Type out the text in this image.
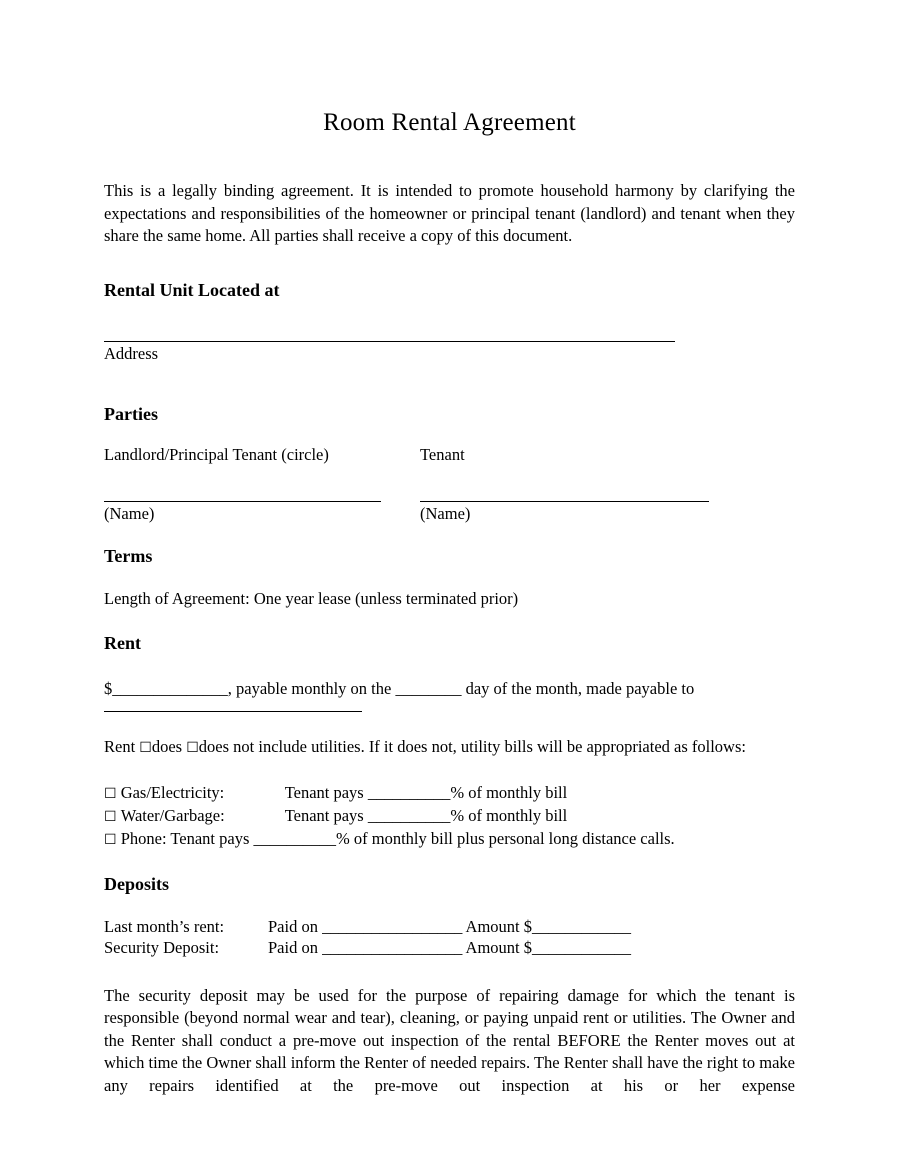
Room Rental Agreement

This is a legally binding agreement. It is intended to promote household harmony by clarifying the expectations and responsibilities of the homeowner or principal tenant (landlord) and tenant when they share the same home. All parties shall receive a copy of this document.

Rental Unit Located at

Address

Parties

Landlord/Principal Tenant (circle)	Tenant

(Name)	(Name)

Terms

Length of Agreement: One year lease (unless terminated prior)

Rent

$______________, payable monthly on the ________ day of the month, made payable to

Rent ☐does ☐does not include utilities. If it does not, utility bills will be appropriated as follows:

☐ Gas/Electricity:	Tenant pays __________% of monthly bill

☐ Water/Garbage:	Tenant pays __________% of monthly bill

☐ Phone: Tenant pays __________% of monthly bill plus personal long distance calls.

Deposits

Last month’s rent:	Paid on _________________ Amount $____________

Security Deposit:	Paid on _________________ Amount $____________

The security deposit may be used for the purpose of repairing damage for which the tenant is responsible (beyond normal wear and tear), cleaning, or paying unpaid rent or utilities. The Owner and the Renter shall conduct a pre-move out inspection of the rental BEFORE the Renter moves out at which time the Owner shall inform the Renter of needed repairs. The Renter shall have the right to make any repairs identified at the pre-move out inspection at his or her expense
